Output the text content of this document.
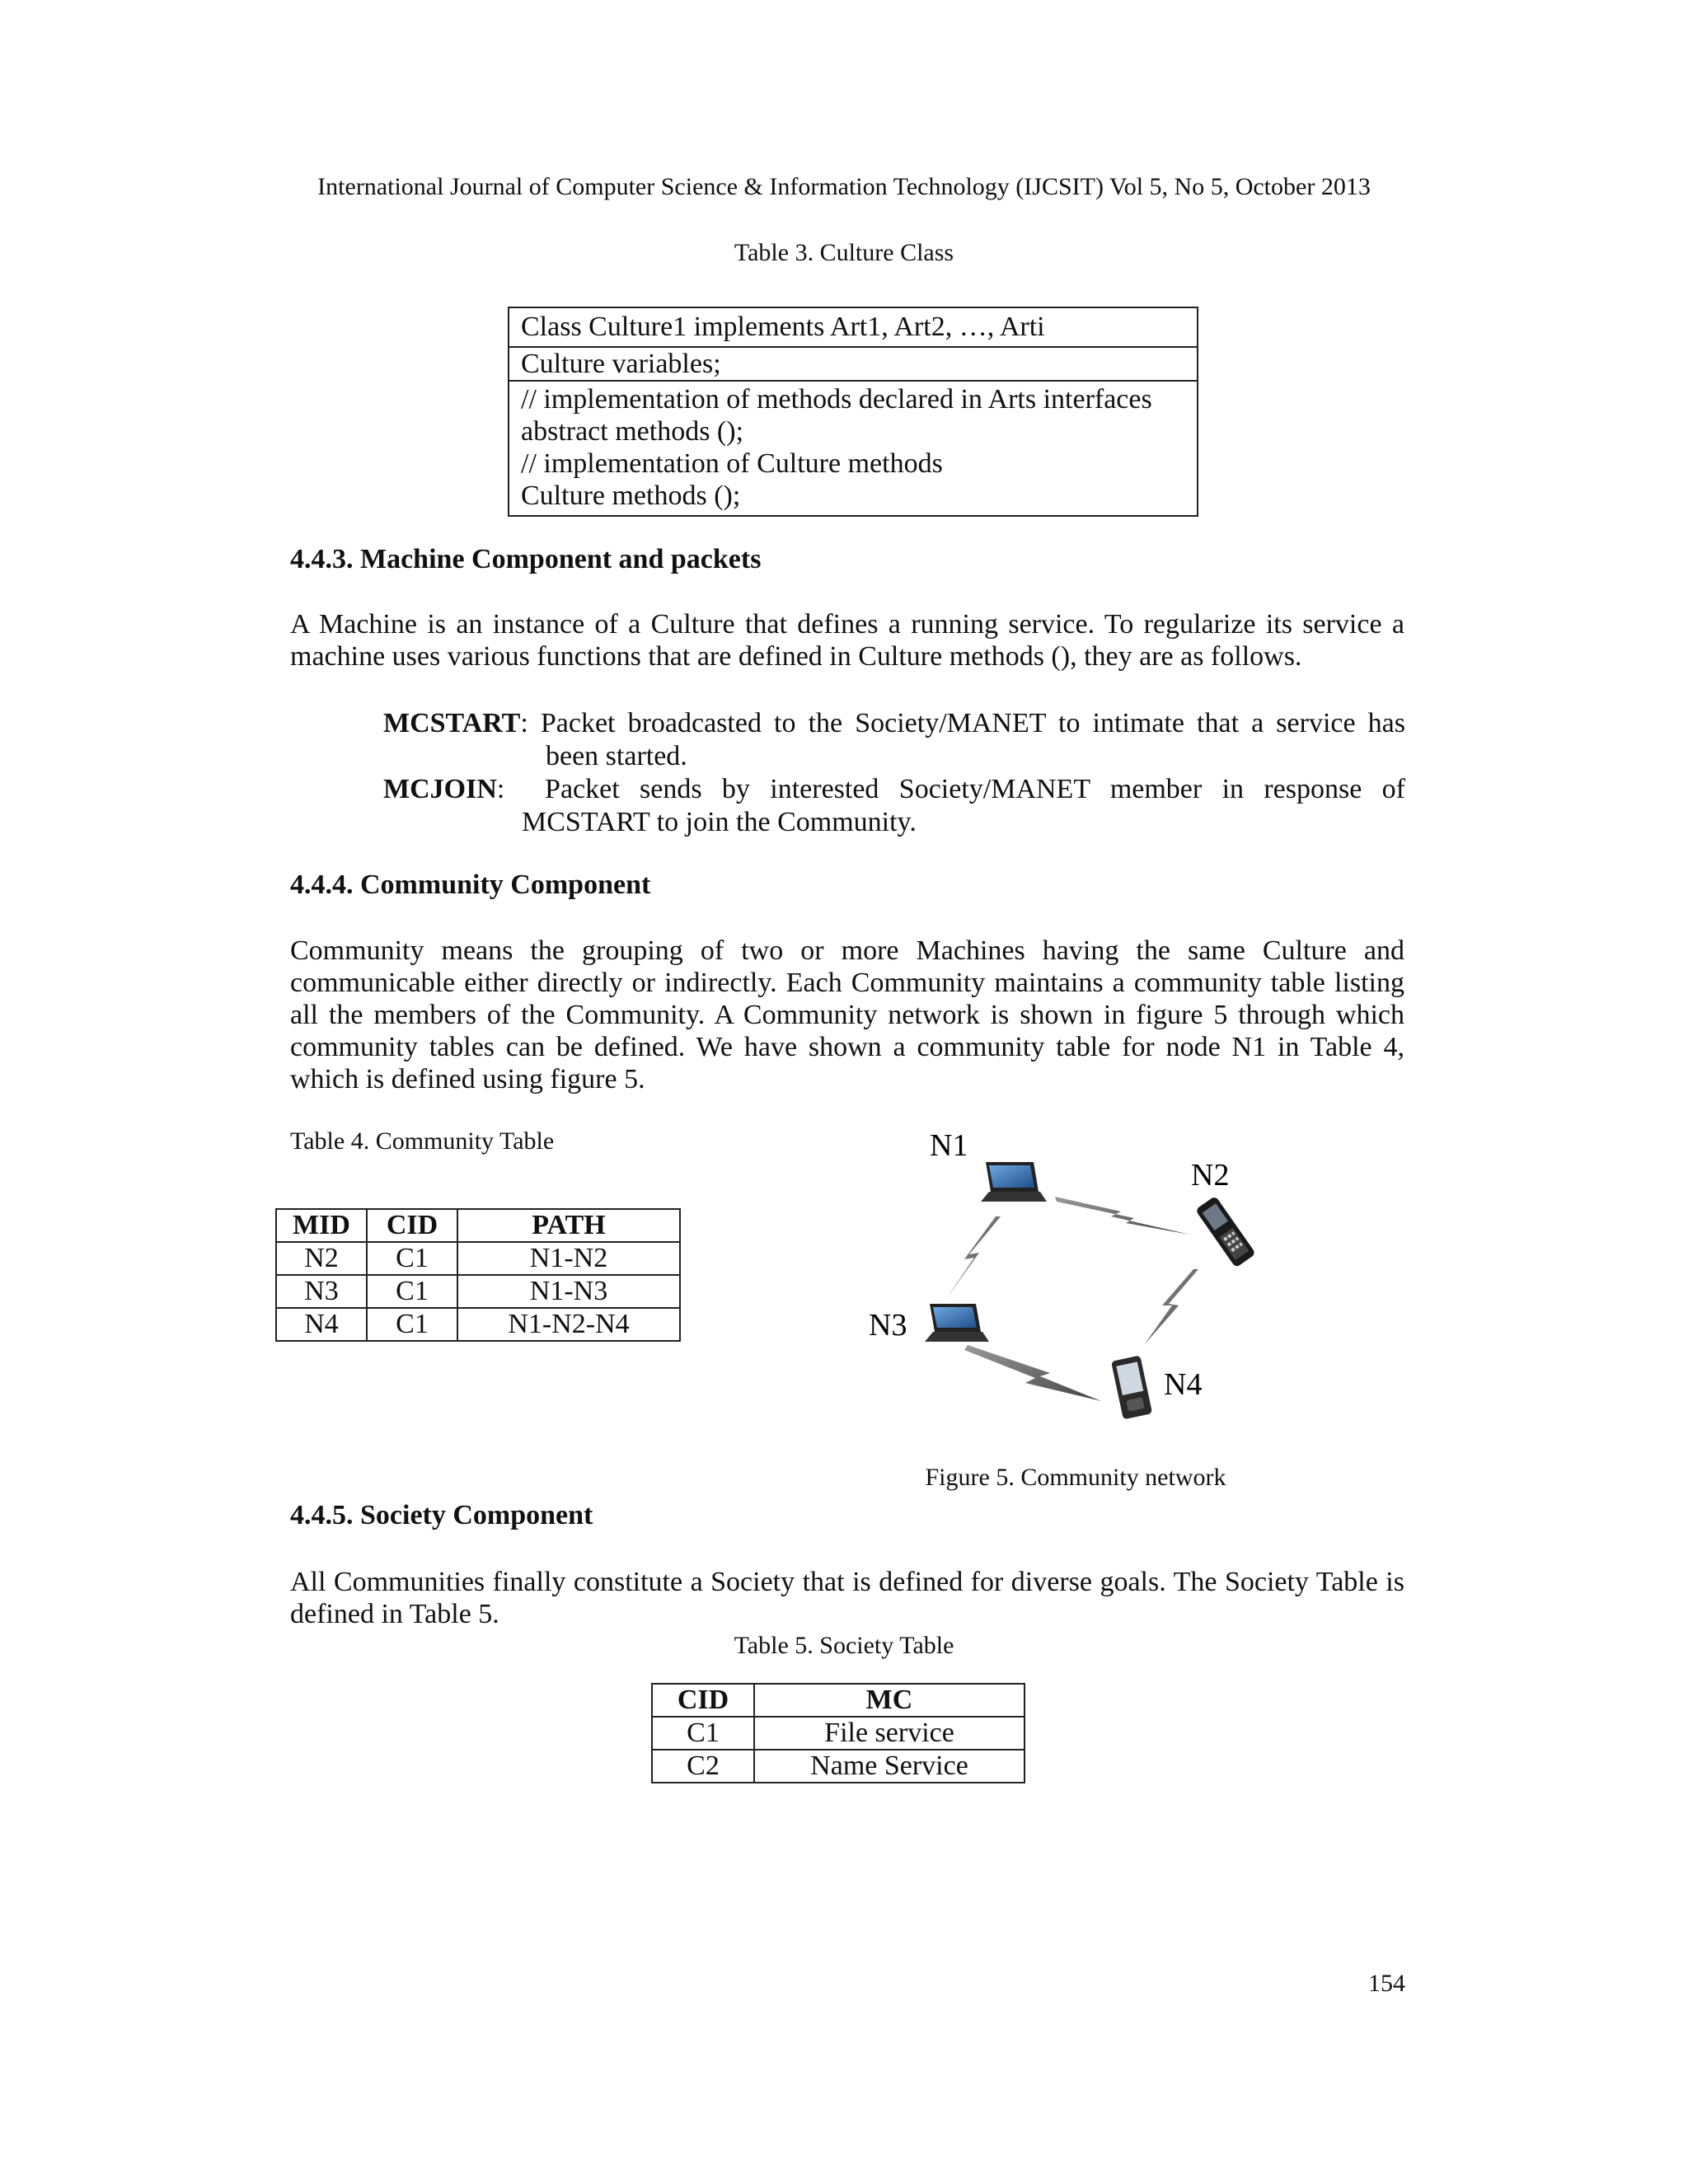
International Journal of Computer Science & Information Technology (IJCSIT) Vol 5, No 5, October 2013
Table 3. Culture Class
Class Culture1 implements Art1, Art2, …, Arti
Culture variables;
// implementation of methods declared in Arts interfaces
abstract methods ();
// implementation of Culture methods
Culture methods ();
4.4.3. Machine Component and packets
A Machine is an instance of a Culture that defines a running service. To regularize its service a machine uses various functions that are defined in Culture methods (), they are as follows.
MCSTART : Packet broadcasted to the Society/MANET to intimate that a service has
been started.
MCJOIN : Packet sends by interested Society/MANET member in response of
MCSTART to join the Community.
4.4.4. Community Component
Community means the grouping of two or more Machines having the same Culture and communicable either directly or indirectly. Each Community maintains a community table listing all the members of the Community. A Community network is shown in figure 5 through which community tables can be defined. We have shown a community table for node N1 in Table 4, which is defined using figure 5.
Table 4. Community Table
MID	CID	PATH
N2	C1	N1-N2
N3	C1	N1-N3
N4	C1	N1-N2-N4
N1
N2
N3
N4
Figure 5. Community network
4.4.5. Society Component
All Communities finally constitute a Society that is defined for diverse goals. The Society Table is defined in Table 5.
Table 5. Society Table
CID	MC
C1	File service
C2	Name Service
154
